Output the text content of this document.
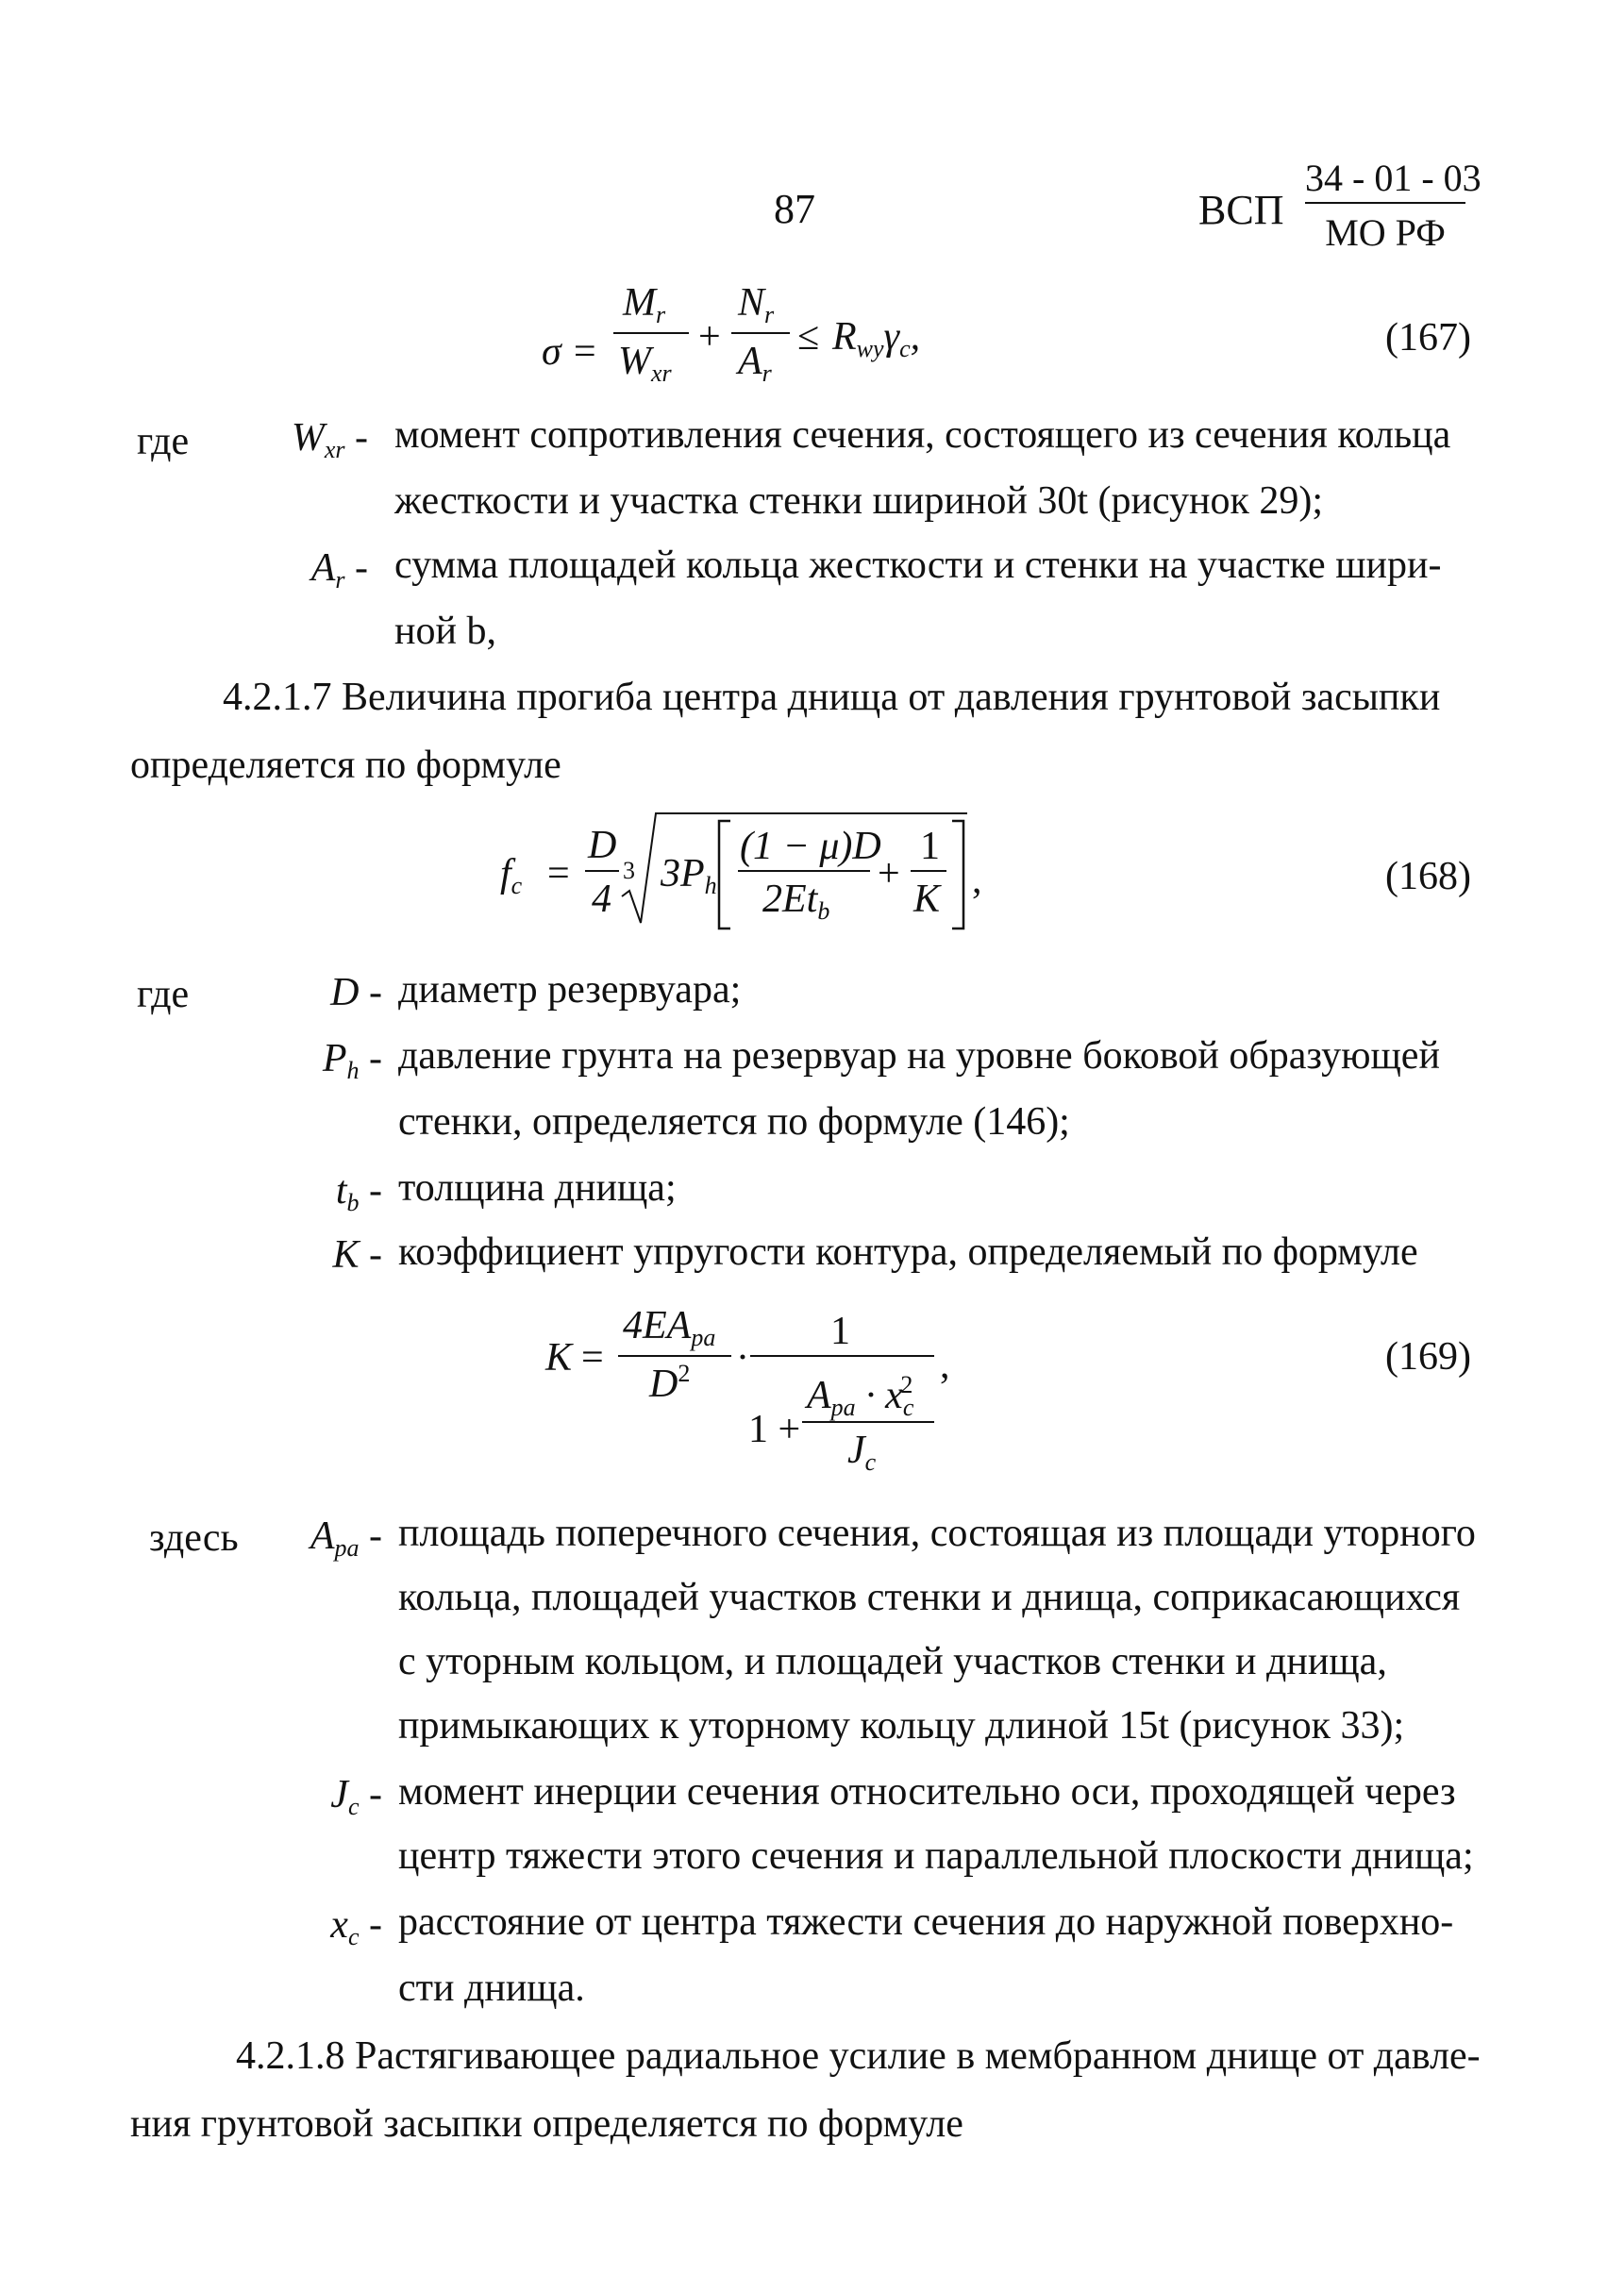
87	ВСП
34 - 01 - 03
МО РФ
σ =
Mr
Wxr
+
Nr
Ar
≤ Rwyγc,	(167)
где	Wxr - момент сопротивления сечения, состоящего из сечения кольца
жесткости и участка стенки шириной 30t (рисунок 29);
Ar - сумма площадей кольца жесткости и стенки на участке шири-
ной b,
4.2.1.7 Величина прогиба центра днища от давления грунтовой засыпки
определяется по формуле
fc =
D
4
3 3Ph
(1 − μ)D
2Etb
+
1
K ,	(168)
где	D - диаметр резервуара;
Ph - давление грунта на резервуар на уровне боковой образующей
стенки, определяется по формуле (146);
tb - толщина днища;
K - коэффициент упругости контура, определяемый по формуле
K =
4EApa
$D^2$ ·
1
1 +
Apa · $xc^2$
Jc
,	(169)
здесь	Apa - площадь поперечного сечения, состоящая из площади уторного
кольца, площадей участков стенки и днища, соприкасающихся
с уторным кольцом, и площадей участков стенки и днища,
примыкающих к уторному кольцу длиной 15t (рисунок 33);
Jc - момент инерции сечения относительно оси, проходящей через
центр тяжести этого сечения и параллельной плоскости днища;
xc - расстояние от центра тяжести сечения до наружной поверхно-
сти днища.
4.2.1.8 Растягивающее радиальное усилие в мембранном днище от давле-
ния грунтовой засыпки определяется по формуле
